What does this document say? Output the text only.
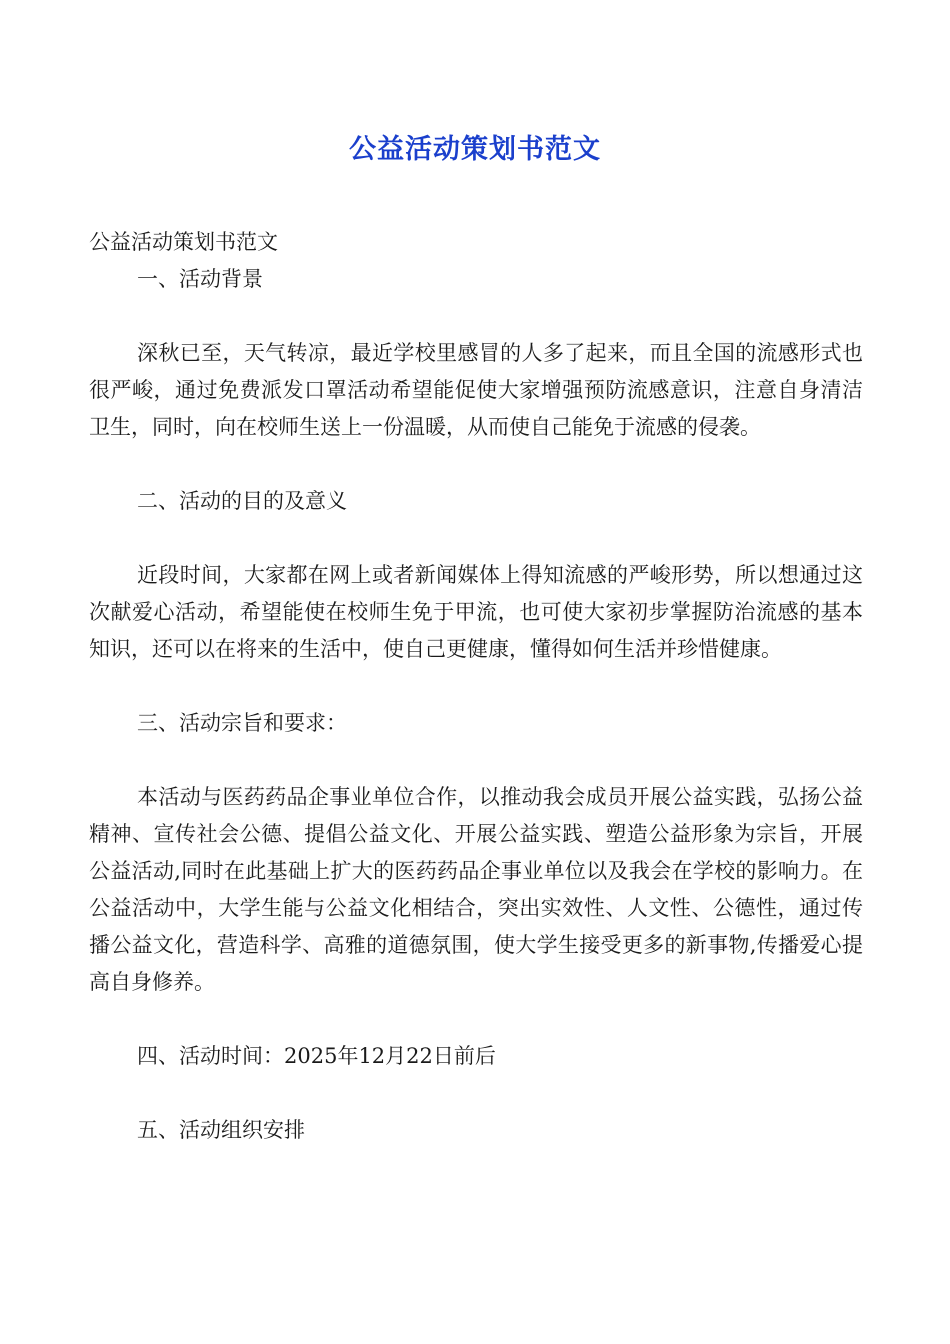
公益活动策划书范文

公益活动策划书范文

一、活动背景

深秋已至，天气转凉，最近学校里感冒的人多了起来，而且全国的流感形式也很严峻，通过免费派发口罩活动希望能促使大家增强预防流感意识，注意自身清洁卫生，同时，向在校师生送上一份温暖，从而使自己能免于流感的侵袭。

二、活动的目的及意义

近段时间，大家都在网上或者新闻媒体上得知流感的严峻形势，所以想通过这次献爱心活动，希望能使在校师生免于甲流，也可使大家初步掌握防治流感的基本知识，还可以在将来的生活中，使自己更健康，懂得如何生活并珍惜健康。

三、活动宗旨和要求：

本活动与医药药品企事业单位合作，以推动我会成员开展公益实践，弘扬公益精神、宣传社会公德、提倡公益文化、开展公益实践、塑造公益形象为宗旨，开展公益活动,同时在此基础上扩大的医药药品企事业单位以及我会在学校的影响力。在公益活动中，大学生能与公益文化相结合，突出实效性、人文性、公德性，通过传播公益文化，营造科学、高雅的道德氛围，使大学生接受更多的新事物,传播爱心提高自身修养。

四、活动时间：2025年12月22日前后

五、活动组织安排
